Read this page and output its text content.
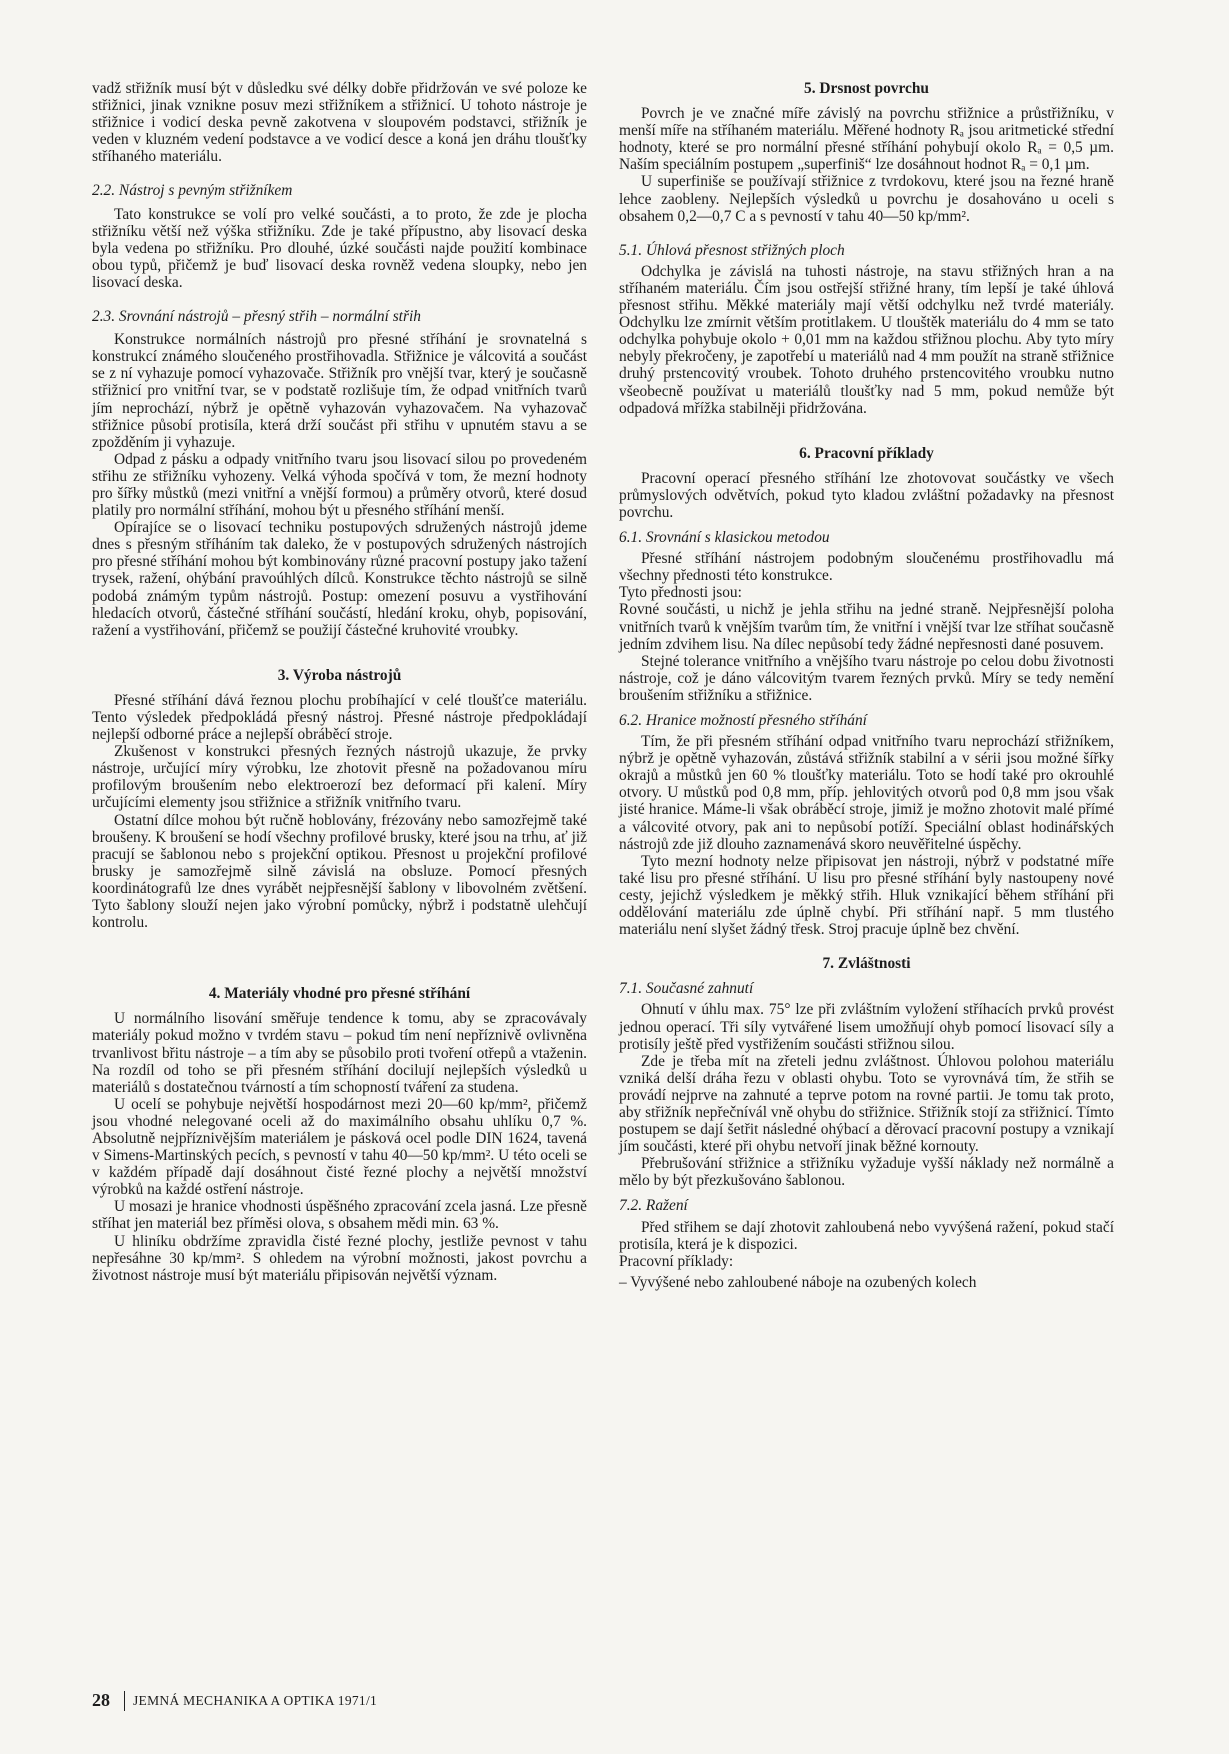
vadž střižník musí být v důsledku své délky dobře přidržován ve své poloze ke střižnici, jinak vznikne posuv mezi střižníkem a střižnicí. U tohoto nástroje je střižnice i vodicí deska pevně zakotvena v sloupovém podstavci, střižník je veden v kluzném vedení podstavce a ve vodicí desce a koná jen dráhu tloušťky stříhaného materiálu.

2.2. Nástroj s pevným střižníkem

Tato konstrukce se volí pro velké součásti, a to proto, že zde je plocha střižníku větší než výška střižníku. Zde je také přípustno, aby lisovací deska byla vedena po střižníku. Pro dlouhé, úzké součásti najde použití kombinace obou typů, přičemž je buď lisovací deska rovněž vedena sloupky, nebo jen lisovací deska.

2.3. Srovnání nástrojů – přesný střih – normální střih

Konstrukce normálních nástrojů pro přesné stříhání je srovnatelná s konstrukcí známého sloučeného prostřihovadla. Střižnice je válcovitá a součást se z ní vyhazuje pomocí vyhazovače. Střižník pro vnější tvar, který je současně střižnicí pro vnitřní tvar, se v podstatě rozlišuje tím, že odpad vnitřních tvarů jím neprochází, nýbrž je opětně vyhazován vyhazovačem. Na vyhazovač střižnice působí protisíla, která drží součást při střihu v upnutém stavu a se zpožděním ji vyhazuje.

Odpad z pásku a odpady vnitřního tvaru jsou lisovací silou po provedeném střihu ze střižníku vyhozeny. Velká výhoda spočívá v tom, že mezní hodnoty pro šířky můstků (mezi vnitřní a vnější formou) a průměry otvorů, které dosud platily pro normální stříhání, mohou být u přesného stříhání menší.

Opírajíce se o lisovací techniku postupových sdružených nástrojů jdeme dnes s přesným stříháním tak daleko, že v postupových sdružených nástrojích pro přesné stříhání mohou být kombinovány různé pracovní postupy jako tažení trysek, ražení, ohýbání pravoúhlých dílců. Konstrukce těchto nástrojů se silně podobá známým typům nástrojů. Postup: omezení posuvu a vystřihování hledacích otvorů, částečné stříhání součástí, hledání kroku, ohyb, popisování, ražení a vystřihování, přičemž se použijí částečné kruhovité vroubky.

3. Výroba nástrojů

Přesné stříhání dává řeznou plochu probíhající v celé tloušťce materiálu. Tento výsledek předpokládá přesný nástroj. Přesné nástroje předpokládají nejlepší odborné práce a nejlepší obráběcí stroje.

Zkušenost v konstrukci přesných řezných nástrojů ukazuje, že prvky nástroje, určující míry výrobku, lze zhotovit přesně na požadovanou míru profilovým broušením nebo elektroerozí bez deformací při kalení. Míry určujícími elementy jsou střižnice a střižník vnitřního tvaru.

Ostatní dílce mohou být ručně hoblovány, frézovány nebo samozřejmě také broušeny. K broušení se hodí všechny profilové brusky, které jsou na trhu, ať již pracují se šablonou nebo s projekční optikou. Přesnost u projekční profilové brusky je samozřejmě silně závislá na obsluze. Pomocí přesných koordinátografů lze dnes vyrábět nejpřesnější šablony v libovolném zvětšení. Tyto šablony slouží nejen jako výrobní pomůcky, nýbrž i podstatně ulehčují kontrolu.

4. Materiály vhodné pro přesné stříhání

U normálního lisování směřuje tendence k tomu, aby se zpracovávaly materiály pokud možno v tvrdém stavu – pokud tím není nepříznivě ovlivněna trvanlivost břitu nástroje – a tím aby se působilo proti tvoření otřepů a vtaženin. Na rozdíl od toho se při přesném stříhání docilují nejlepších výsledků u materiálů s dostatečnou tvárností a tím schopností tváření za studena.

U ocelí se pohybuje největší hospodárnost mezi 20—60 kp/mm², přičemž jsou vhodné nelegované oceli až do maximálního obsahu uhlíku 0,7 %. Absolutně nejpříznivějším materiálem je pásková ocel podle DIN 1624, tavená v Simens-Martinských pecích, s pevností v tahu 40—50 kp/mm². U této oceli se v každém případě dají dosáhnout čisté řezné plochy a největší množství výrobků na každé ostření nástroje.

U mosazi je hranice vhodnosti úspěšného zpracování zcela jasná. Lze přesně stříhat jen materiál bez příměsi olova, s obsahem mědi min. 63 %.

U hliníku obdržíme zpravidla čisté řezné plochy, jestliže pevnost v tahu nepřesáhne 30 kp/mm². S ohledem na výrobní možnosti, jakost povrchu a životnost nástroje musí být materiálu připisován největší význam.

5. Drsnost povrchu

Povrch je ve značné míře závislý na povrchu střižnice a průstřižníku, v menší míře na stříhaném materiálu. Měřené hodnoty Rₐ jsou aritmetické střední hodnoty, které se pro normální přesné stříhání pohybují okolo Rₐ = 0,5 µm. Naším speciálním postupem „superfiniš“ lze dosáhnout hodnot Rₐ = 0,1 µm.

U superfiniše se používají střižnice z tvrdokovu, které jsou na řezné hraně lehce zaobleny. Nejlepších výsledků u povrchu je dosahováno u oceli s obsahem 0,2—0,7 C a s pevností v tahu 40—50 kp/mm².

5.1. Úhlová přesnost střižných ploch

Odchylka je závislá na tuhosti nástroje, na stavu střižných hran a na stříhaném materiálu. Čím jsou ostřejší střižné hrany, tím lepší je také úhlová přesnost střihu. Měkké materiály mají větší odchylku než tvrdé materiály. Odchylku lze zmírnit větším protitlakem. U tlouštěk materiálu do 4 mm se tato odchylka pohybuje okolo + 0,01 mm na každou střižnou plochu. Aby tyto míry nebyly překročeny, je zapotřebí u materiálů nad 4 mm použít na straně střižnice druhý prstencovitý vroubek. Tohoto druhého prstencovitého vroubku nutno všeobecně používat u materiálů tloušťky nad 5 mm, pokud nemůže být odpadová mřížka stabilněji přidržována.

6. Pracovní příklady

Pracovní operací přesného stříhání lze zhotovovat součástky ve všech průmyslových odvětvích, pokud tyto kladou zvláštní požadavky na přesnost povrchu.

6.1. Srovnání s klasickou metodou

Přesné stříhání nástrojem podobným sloučenému prostřihovadlu má všechny přednosti této konstrukce.

Tyto přednosti jsou:

Rovné součásti, u nichž je jehla střihu na jedné straně. Nejpřesnější poloha vnitřních tvarů k vnějším tvarům tím, že vnitřní i vnější tvar lze stříhat současně jedním zdvihem lisu. Na dílec nepůsobí tedy žádné nepřesnosti dané posuvem.

Stejné tolerance vnitřního a vnějšího tvaru nástroje po celou dobu životnosti nástroje, což je dáno válcovitým tvarem řezných prvků. Míry se tedy nemění broušením střižníku a střižnice.

6.2. Hranice možností přesného stříhání

Tím, že při přesném stříhání odpad vnitřního tvaru neprochází střižníkem, nýbrž je opětně vyhazován, zůstává střižník stabilní a v sérii jsou možné šířky okrajů a můstků jen 60 % tloušťky materiálu. Toto se hodí také pro okrouhlé otvory. U můstků pod 0,8 mm, příp. jehlovitých otvorů pod 0,8 mm jsou však jisté hranice. Máme-li však obráběcí stroje, jimiž je možno zhotovit malé přímé a válcovité otvory, pak ani to nepůsobí potíží. Speciální oblast hodinářských nástrojů zde již dlouho zaznamenává skoro neuvěřitelné úspěchy.

Tyto mezní hodnoty nelze připisovat jen nástroji, nýbrž v podstatné míře také lisu pro přesné stříhání. U lisu pro přesné stříhání byly nastoupeny nové cesty, jejichž výsledkem je měkký střih. Hluk vznikající během stříhání při oddělování materiálu zde úplně chybí. Při stříhání např. 5 mm tlustého materiálu není slyšet žádný třesk. Stroj pracuje úplně bez chvění.

7. Zvláštnosti
7.1. Současné zahnutí

Ohnutí v úhlu max. 75° lze při zvláštním vyložení stříhacích prvků provést jednou operací. Tři síly vytvářené lisem umožňují ohyb pomocí lisovací síly a protisíly ještě před vystřižením součásti střižnou silou.

Zde je třeba mít na zřeteli jednu zvláštnost. Úhlovou polohou materiálu vzniká delší dráha řezu v oblasti ohybu. Toto se vyrovnává tím, že střih se provádí nejprve na zahnuté a teprve potom na rovné partii. Je tomu tak proto, aby střižník nepřečnívál vně ohybu do střižnice. Střižník stojí za střižnicí. Tímto postupem se dají šetřit následné ohýbací a děrovací pracovní postupy a vznikají jím součásti, které při ohybu netvoří jinak běžné kornouty.

Přebrušování střižnice a střižníku vyžaduje vyšší náklady než normálně a mělo by být přezkušováno šablonou.

7.2. Ražení

Před střihem se dají zhotovit zahloubená nebo vyvýšená ražení, pokud stačí protisíla, která je k dispozici.

Pracovní příklady:

– Vyvýšené nebo zahloubené náboje na ozubených kolech

28 JEMNÁ MECHANIKA A OPTIKA 1971/1
